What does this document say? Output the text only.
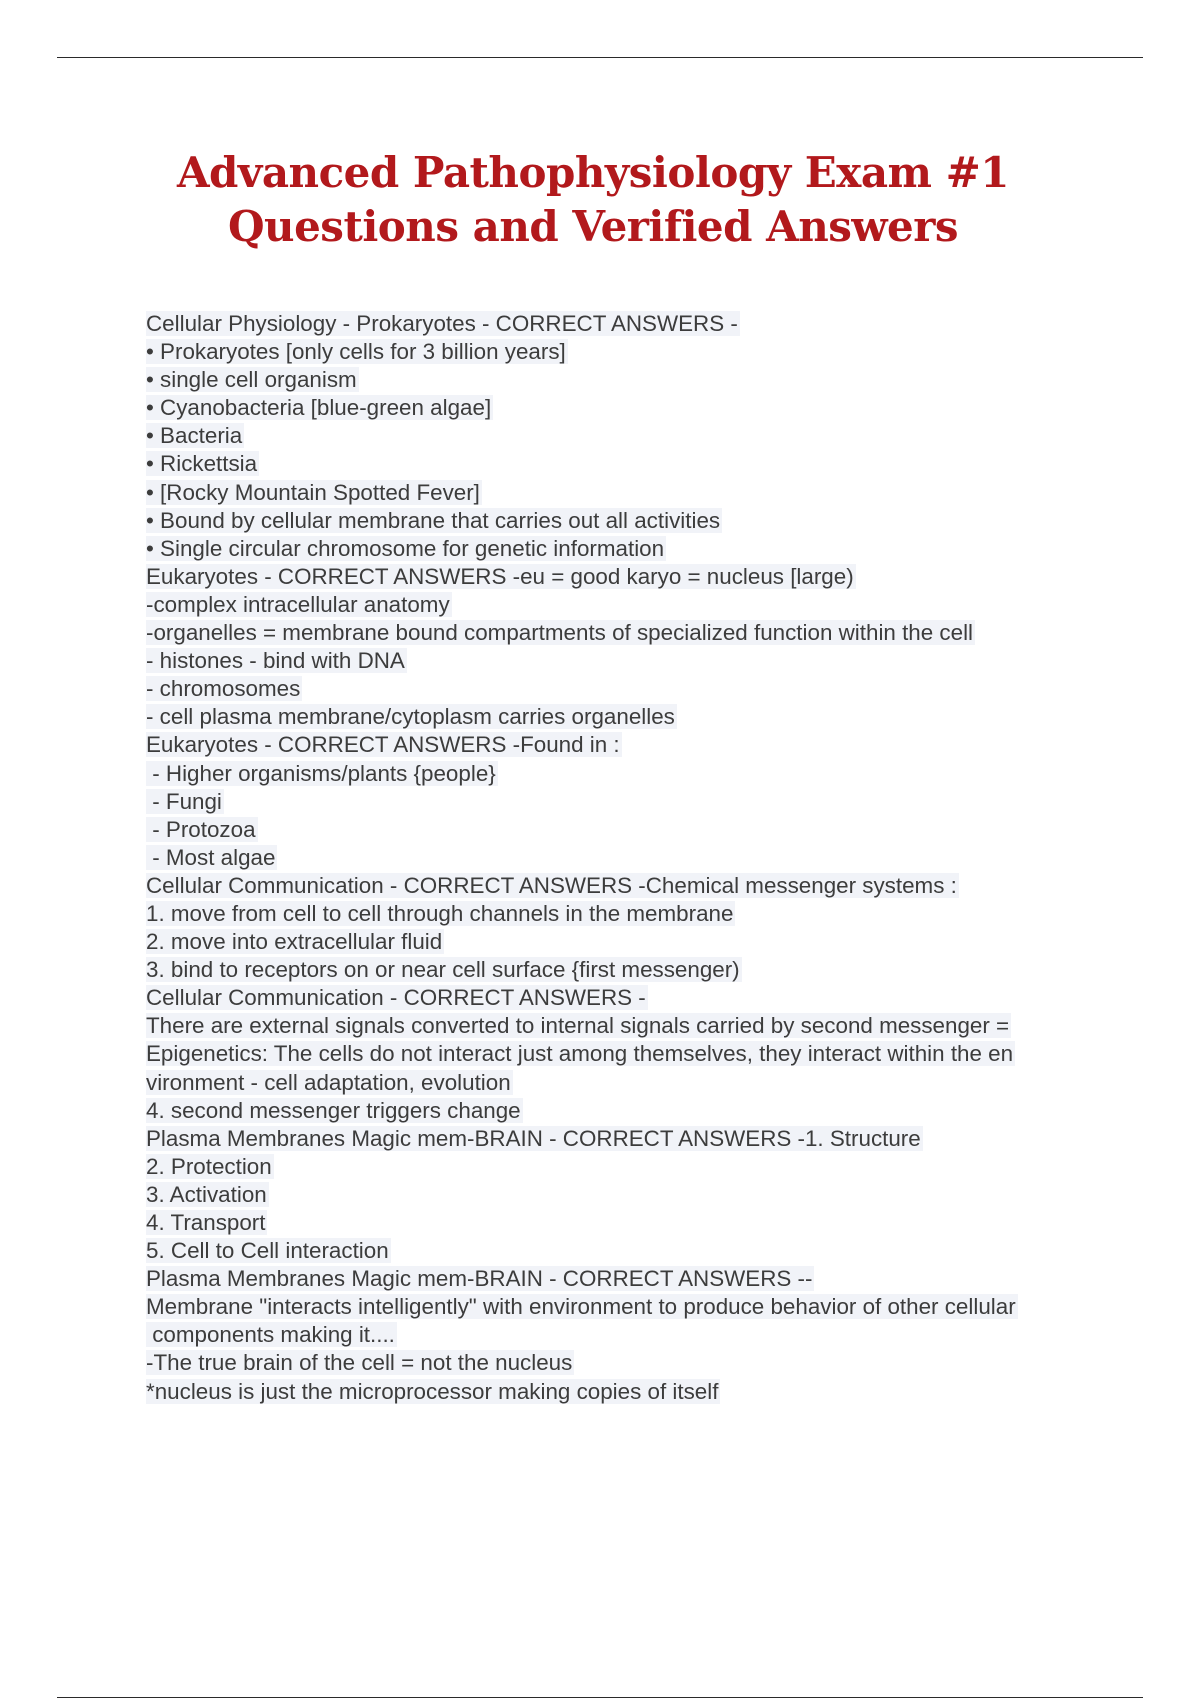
Advanced Pathophysiology Exam #1
Questions and Verified Answers
Cellular Physiology - Prokaryotes - CORRECT ANSWERS -
• Prokaryotes [only cells for 3 billion years]
• single cell organism
• Cyanobacteria [blue-green algae]
• Bacteria
• Rickettsia
• [Rocky Mountain Spotted Fever]
• Bound by cellular membrane that carries out all activities
• Single circular chromosome for genetic information
Eukaryotes - CORRECT ANSWERS -eu = good karyo = nucleus [large)
-complex intracellular anatomy
-organelles = membrane bound compartments of specialized function within the cell
- histones - bind with DNA
- chromosomes
- cell plasma membrane/cytoplasm carries organelles
Eukaryotes - CORRECT ANSWERS -Found in :
- Higher organisms/plants {people}
- Fungi
- Protozoa
- Most algae
Cellular Communication - CORRECT ANSWERS -Chemical messenger systems :
1. move from cell to cell through channels in the membrane
2. move into extracellular fluid
3. bind to receptors on or near cell surface {first messenger)
Cellular Communication - CORRECT ANSWERS -
There are external signals converted to internal signals carried by second messenger =
Epigenetics: The cells do not interact just among themselves, they interact within the en
vironment - cell adaptation, evolution
4. second messenger triggers change
Plasma Membranes Magic mem-BRAIN - CORRECT ANSWERS -1. Structure
2. Protection
3. Activation
4. Transport
5. Cell to Cell interaction
Plasma Membranes Magic mem-BRAIN - CORRECT ANSWERS --
Membrane "interacts intelligently" with environment to produce behavior of other cellular
components making it....
-The true brain of the cell = not the nucleus
*nucleus is just the microprocessor making copies of itself
